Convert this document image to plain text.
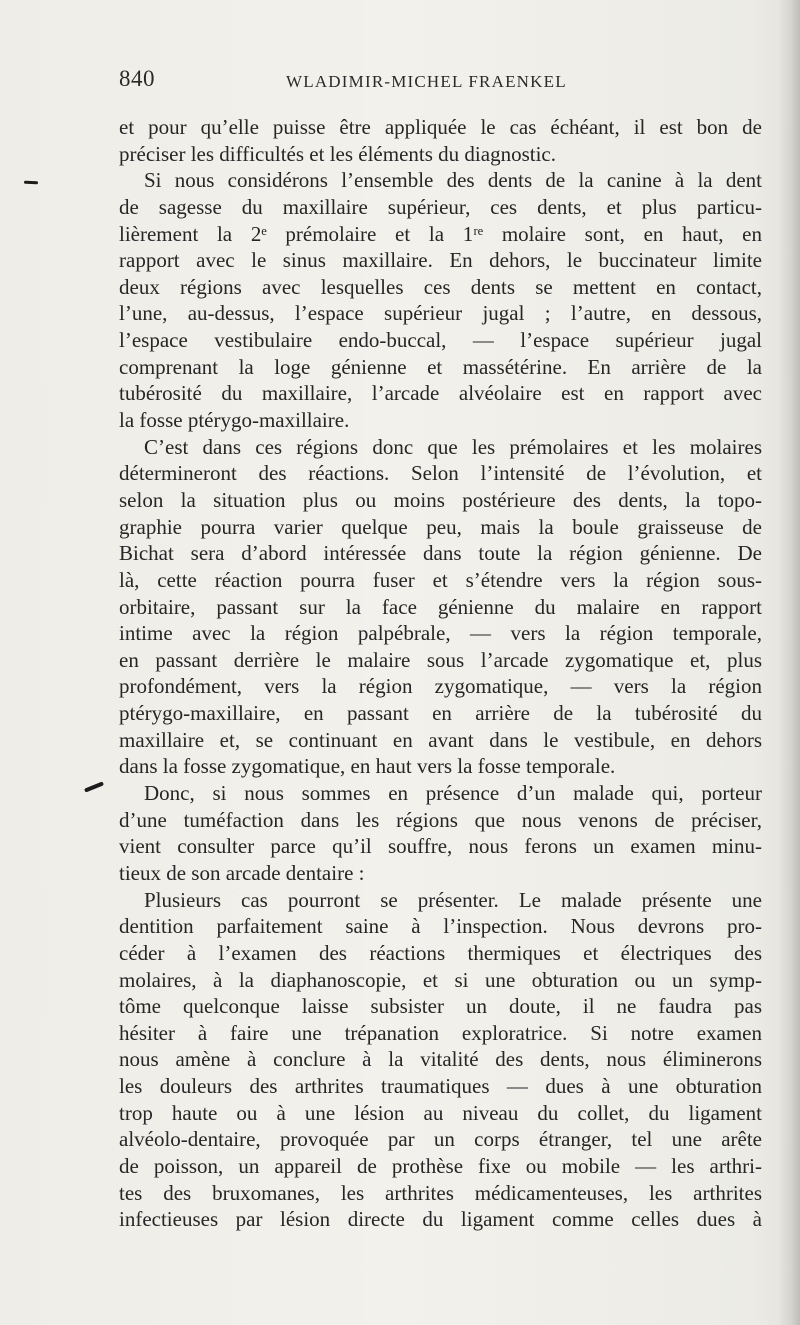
840	WLADIMIR-MICHEL FRAENKEL
et pour qu’elle puisse être appliquée le cas échéant, il est bon de
préciser les difficultés et les éléments du diagnostic.
Si nous considérons l’ensemble des dents de la canine à la dent
de sagesse du maxillaire supérieur, ces dents, et plus particu-
lièrement la 2ᵉ prémolaire et la 1ʳᵉ molaire sont, en haut, en
rapport avec le sinus maxillaire. En dehors, le buccinateur limite
deux régions avec lesquelles ces dents se mettent en contact,
l’une, au-dessus, l’espace supérieur jugal ; l’autre, en dessous,
l’espace vestibulaire endo-buccal, — l’espace supérieur jugal
comprenant la loge génienne et massétérine. En arrière de la
tubérosité du maxillaire, l’arcade alvéolaire est en rapport avec
la fosse ptérygo-maxillaire.
C’est dans ces régions donc que les prémolaires et les molaires
détermineront des réactions. Selon l’intensité de l’évolution, et
selon la situation plus ou moins postérieure des dents, la topo-
graphie pourra varier quelque peu, mais la boule graisseuse de
Bichat sera d’abord intéressée dans toute la région génienne. De
là, cette réaction pourra fuser et s’étendre vers la région sous-
orbitaire, passant sur la face génienne du malaire en rapport
intime avec la région palpébrale, — vers la région temporale,
en passant derrière le malaire sous l’arcade zygomatique et, plus
profondément, vers la région zygomatique, — vers la région
ptérygo-maxillaire, en passant en arrière de la tubérosité du
maxillaire et, se continuant en avant dans le vestibule, en dehors
dans la fosse zygomatique, en haut vers la fosse temporale.
Donc, si nous sommes en présence d’un malade qui, porteur
d’une tuméfaction dans les régions que nous venons de préciser,
vient consulter parce qu’il souffre, nous ferons un examen minu-
tieux de son arcade dentaire :
Plusieurs cas pourront se présenter. Le malade présente une
dentition parfaitement saine à l’inspection. Nous devrons pro-
céder à l’examen des réactions thermiques et électriques des
molaires, à la diaphanoscopie, et si une obturation ou un symp-
tôme quelconque laisse subsister un doute, il ne faudra pas
hésiter à faire une trépanation exploratrice. Si notre examen
nous amène à conclure à la vitalité des dents, nous éliminerons
les douleurs des arthrites traumatiques — dues à une obturation
trop haute ou à une lésion au niveau du collet, du ligament
alvéolo-dentaire, provoquée par un corps étranger, tel une arête
de poisson, un appareil de prothèse fixe ou mobile — les arthri-
tes des bruxomanes, les arthrites médicamenteuses, les arthrites
infectieuses par lésion directe du ligament comme celles dues à
